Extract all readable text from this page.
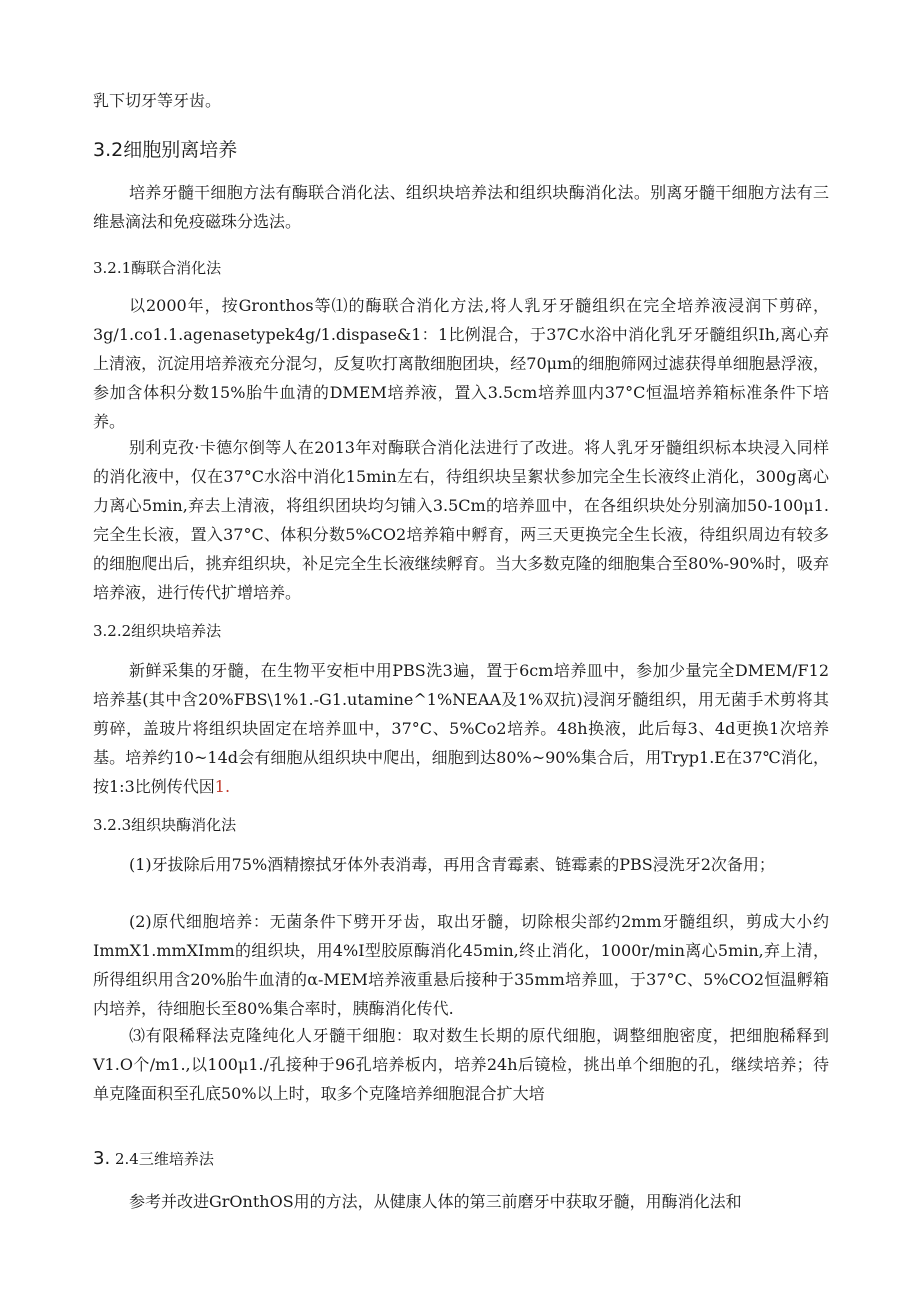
乳下切牙等牙齿。

3.2细胞别离培养

培养牙髓干细胞方法有酶联合消化法、组织块培养法和组织块酶消化法。别离牙髓干细胞方法有三维悬滴法和免疫磁珠分选法。

3.2.1酶联合消化法

以2000年，按Gronthos等⑴的酶联合消化方法,将人乳牙牙髓组织在完全培养液浸润下剪碎，3g/1.co1.1.agenasetypek4g/1.dispase&1：1比例混合，于37C水浴中消化乳牙牙髓组织Ih,离心弃上清液，沉淀用培养液充分混匀，反复吹打离散细胞团块，经70μm的细胞筛网过滤获得单细胞悬浮液，参加含体积分数15%胎牛血清的DMEM培养液，置入3.5cm培养皿内37°C恒温培养箱标准条件下培养。

别利克孜·卡德尔倒等人在2013年对酶联合消化法进行了改进。将人乳牙牙髓组织标本块浸入同样的消化液中，仅在37°C水浴中消化15min左右，待组织块呈絮状参加完全生长液终止消化，300g离心力离心5min,弃去上清液，将组织团块均匀铺入3.5Cm的培养皿中，在各组织块处分别滴加50-100μ1.完全生长液，置入37°C、体积分数5%CO2培养箱中孵育，两三天更换完全生长液，待组织周边有较多的细胞爬出后，挑弃组织块，补足完全生长液继续孵育。当大多数克隆的细胞集合至80%-90%时，吸弃培养液，进行传代扩增培养。

3.2.2组织块培养法

新鲜采集的牙髓，在生物平安柜中用PBS洗3遍，置于6cm培养皿中，参加少量完全DMEM/F12培养基(其中含20%FBS\1%1.-G1.utamine^1%NEAA及1%双抗)浸润牙髓组织，用无菌手术剪将其剪碎，盖玻片将组织块固定在培养皿中，37°C、5%Co2培养。48h换液，此后每3、4d更换1次培养基。培养约10~14d会有细胞从组织块中爬出，细胞到达80%~90%集合后，用Tryp1.E在37℃消化，按1:3比例传代因1.

3.2.3组织块酶消化法

(1)牙拔除后用75%酒精擦拭牙体外表消毒，再用含青霉素、链霉素的PBS浸洗牙2次备用；

(2)原代细胞培养：无菌条件下劈开牙齿，取出牙髓，切除根尖部约2mm牙髓组织，剪成大小约ImmX1.mmXImm的组织块，用4%I型胶原酶消化45min,终止消化，1000r∕min离心5min,弃上清，所得组织用含20%胎牛血清的α-MEM培养液重悬后接种于35mm培养皿，于37°C、5%CO2恒温孵箱内培养，待细胞长至80%集合率时，胰酶消化传代.

⑶有限稀释法克隆纯化人牙髓干细胞：取对数生长期的原代细胞，调整细胞密度，把细胞稀释到V1.O个∕m1.,以100μ1./孔接种于96孔培养板内，培养24h后镜检，挑出单个细胞的孔，继续培养；待单克隆面积至孔底50%以上时，取多个克隆培养细胞混合扩大培

3. 2.4三维培养法

参考并改进GrOnthOS用的方法，从健康人体的第三前磨牙中获取牙髓，用酶消化法和
